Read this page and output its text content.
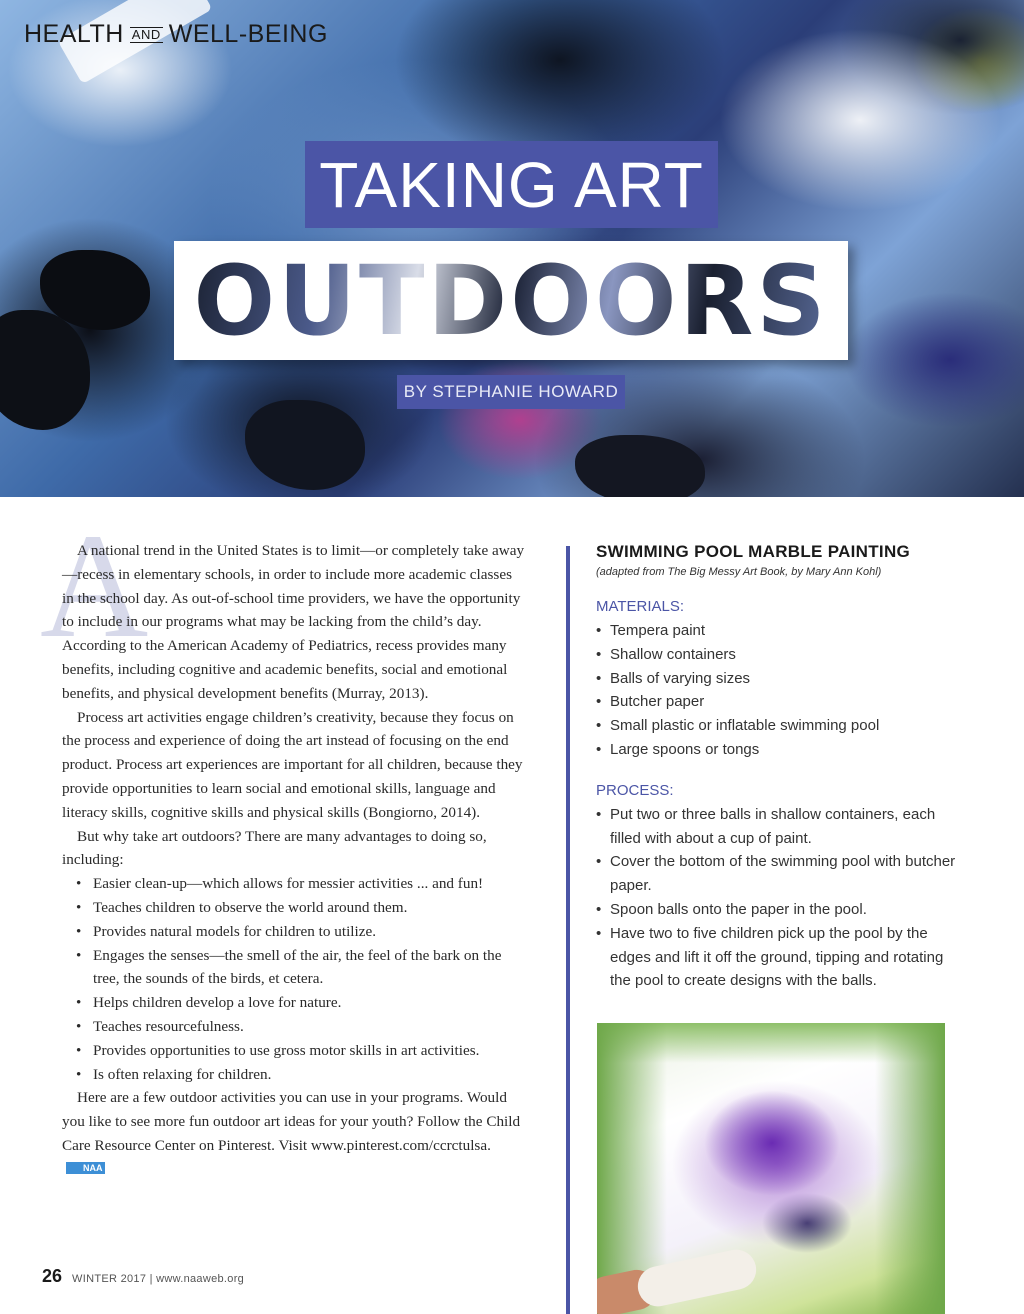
HEALTH AND WELL-BEING
TAKING ART
OUTDOORS
BY STEPHANIE HOWARD
A

A national trend in the United States is to limit—or completely take away—recess in elementary schools, in order to include more academic classes in the school day. As out-of-school time providers, we have the opportunity to include in our programs what may be lacking from the child’s day. According to the American Academy of Pediatrics, recess provides many benefits, including cognitive and academic benefits, social and emotional benefits, and physical development benefits (Murray, 2013).

Process art activities engage children’s creativity, because they focus on the process and experience of doing the art instead of focusing on the end product. Process art experiences are important for all children, because they provide opportunities to learn social and emotional skills, language and literacy skills, cognitive skills and physical skills (Bongiorno, 2014).

But why take art outdoors? There are many advantages to doing so, including:

• Easier clean-up—which allows for messier activities ... and fun!
• Teaches children to observe the world around them.
• Provides natural models for children to utilize.
• Engages the senses—the smell of the air, the feel of the bark on the tree, the sounds of the birds, et cetera.
• Helps children develop a love for nature.
• Teaches resourcefulness.
• Provides opportunities to use gross motor skills in art activities.
• Is often relaxing for children.

Here are a few outdoor activities you can use in your programs. Would you like to see more fun outdoor art ideas for your youth? Follow the Child Care Resource Center on Pinterest. Visit www.pinterest.com/ccrctulsa.NAA

SWIMMING POOL MARBLE PAINTING
(adapted from The Big Messy Art Book, by Mary Ann Kohl)
MATERIALS:
• Tempera paint
• Shallow containers
• Balls of varying sizes
• Butcher paper
• Small plastic or inflatable swimming pool
• Large spoons or tongs
PROCESS:
• Put two or three balls in shallow containers, each filled with about a cup of paint.
• Cover the bottom of the swimming pool with butcher paper.
• Spoon balls onto the paper in the pool.
• Have two to five children pick up the pool by the edges and lift it off the ground, tipping and rotating the pool to create designs with the balls.
26 WINTER 2017 | www.naaweb.org
